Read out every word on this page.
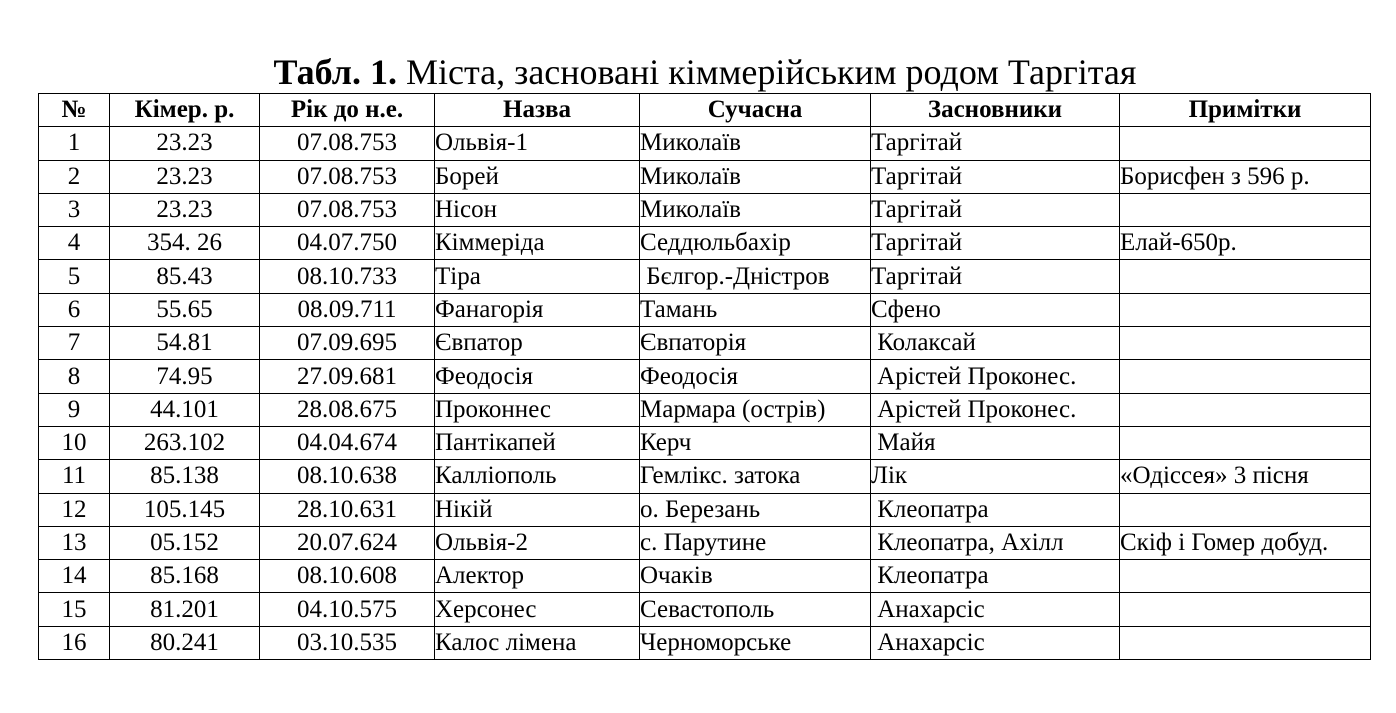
Табл. 1. Міста, засновані кіммерійським родом Таргітая
№	Кімер. р.	Рік до н.е.	Назва	Сучасна	Засновники	Примітки
1	23.23	07.08.753	Ольвія-1	Миколаїв	Таргітай	
2	23.23	07.08.753	Борей	Миколаїв	Таргітай	Борисфен з 596 р.
3	23.23	07.08.753	Нісон	Миколаїв	Таргітай	
4	354. 26	04.07.750	Кіммеріда	Седдюльбахір	Таргітай	Елай-650р.
5	85.43	08.10.733	Тіра	Бєлгор.-Дністров	Таргітай	
6	55.65	08.09.711	Фанагорія	Тамань	Сфено	
7	54.81	07.09.695	Євпатор	Євпаторія	Колаксай	
8	74.95	27.09.681	Феодосія	Феодосія	Арістей Проконес.	
9	44.101	28.08.675	Проконнес	Мармара (острів)	Арістей Проконес.	
10	263.102	04.04.674	Пантікапей	Керч	Майя	
11	85.138	08.10.638	Калліополь	Гемлікс. затока	Лік	«Одіссея» 3 пісня
12	105.145	28.10.631	Нікій	о. Березань	Клеопатра	
13	05.152	20.07.624	Ольвія-2	с. Парутине	Клеопатра, Ахілл	Скіф і Гомер добуд.
14	85.168	08.10.608	Алектор	Очаків	Клеопатра	
15	81.201	04.10.575	Херсонес	Севастополь	Анахарсіс	
16	80.241	03.10.535	Калос лімена	Черноморське	Анахарсіс	
